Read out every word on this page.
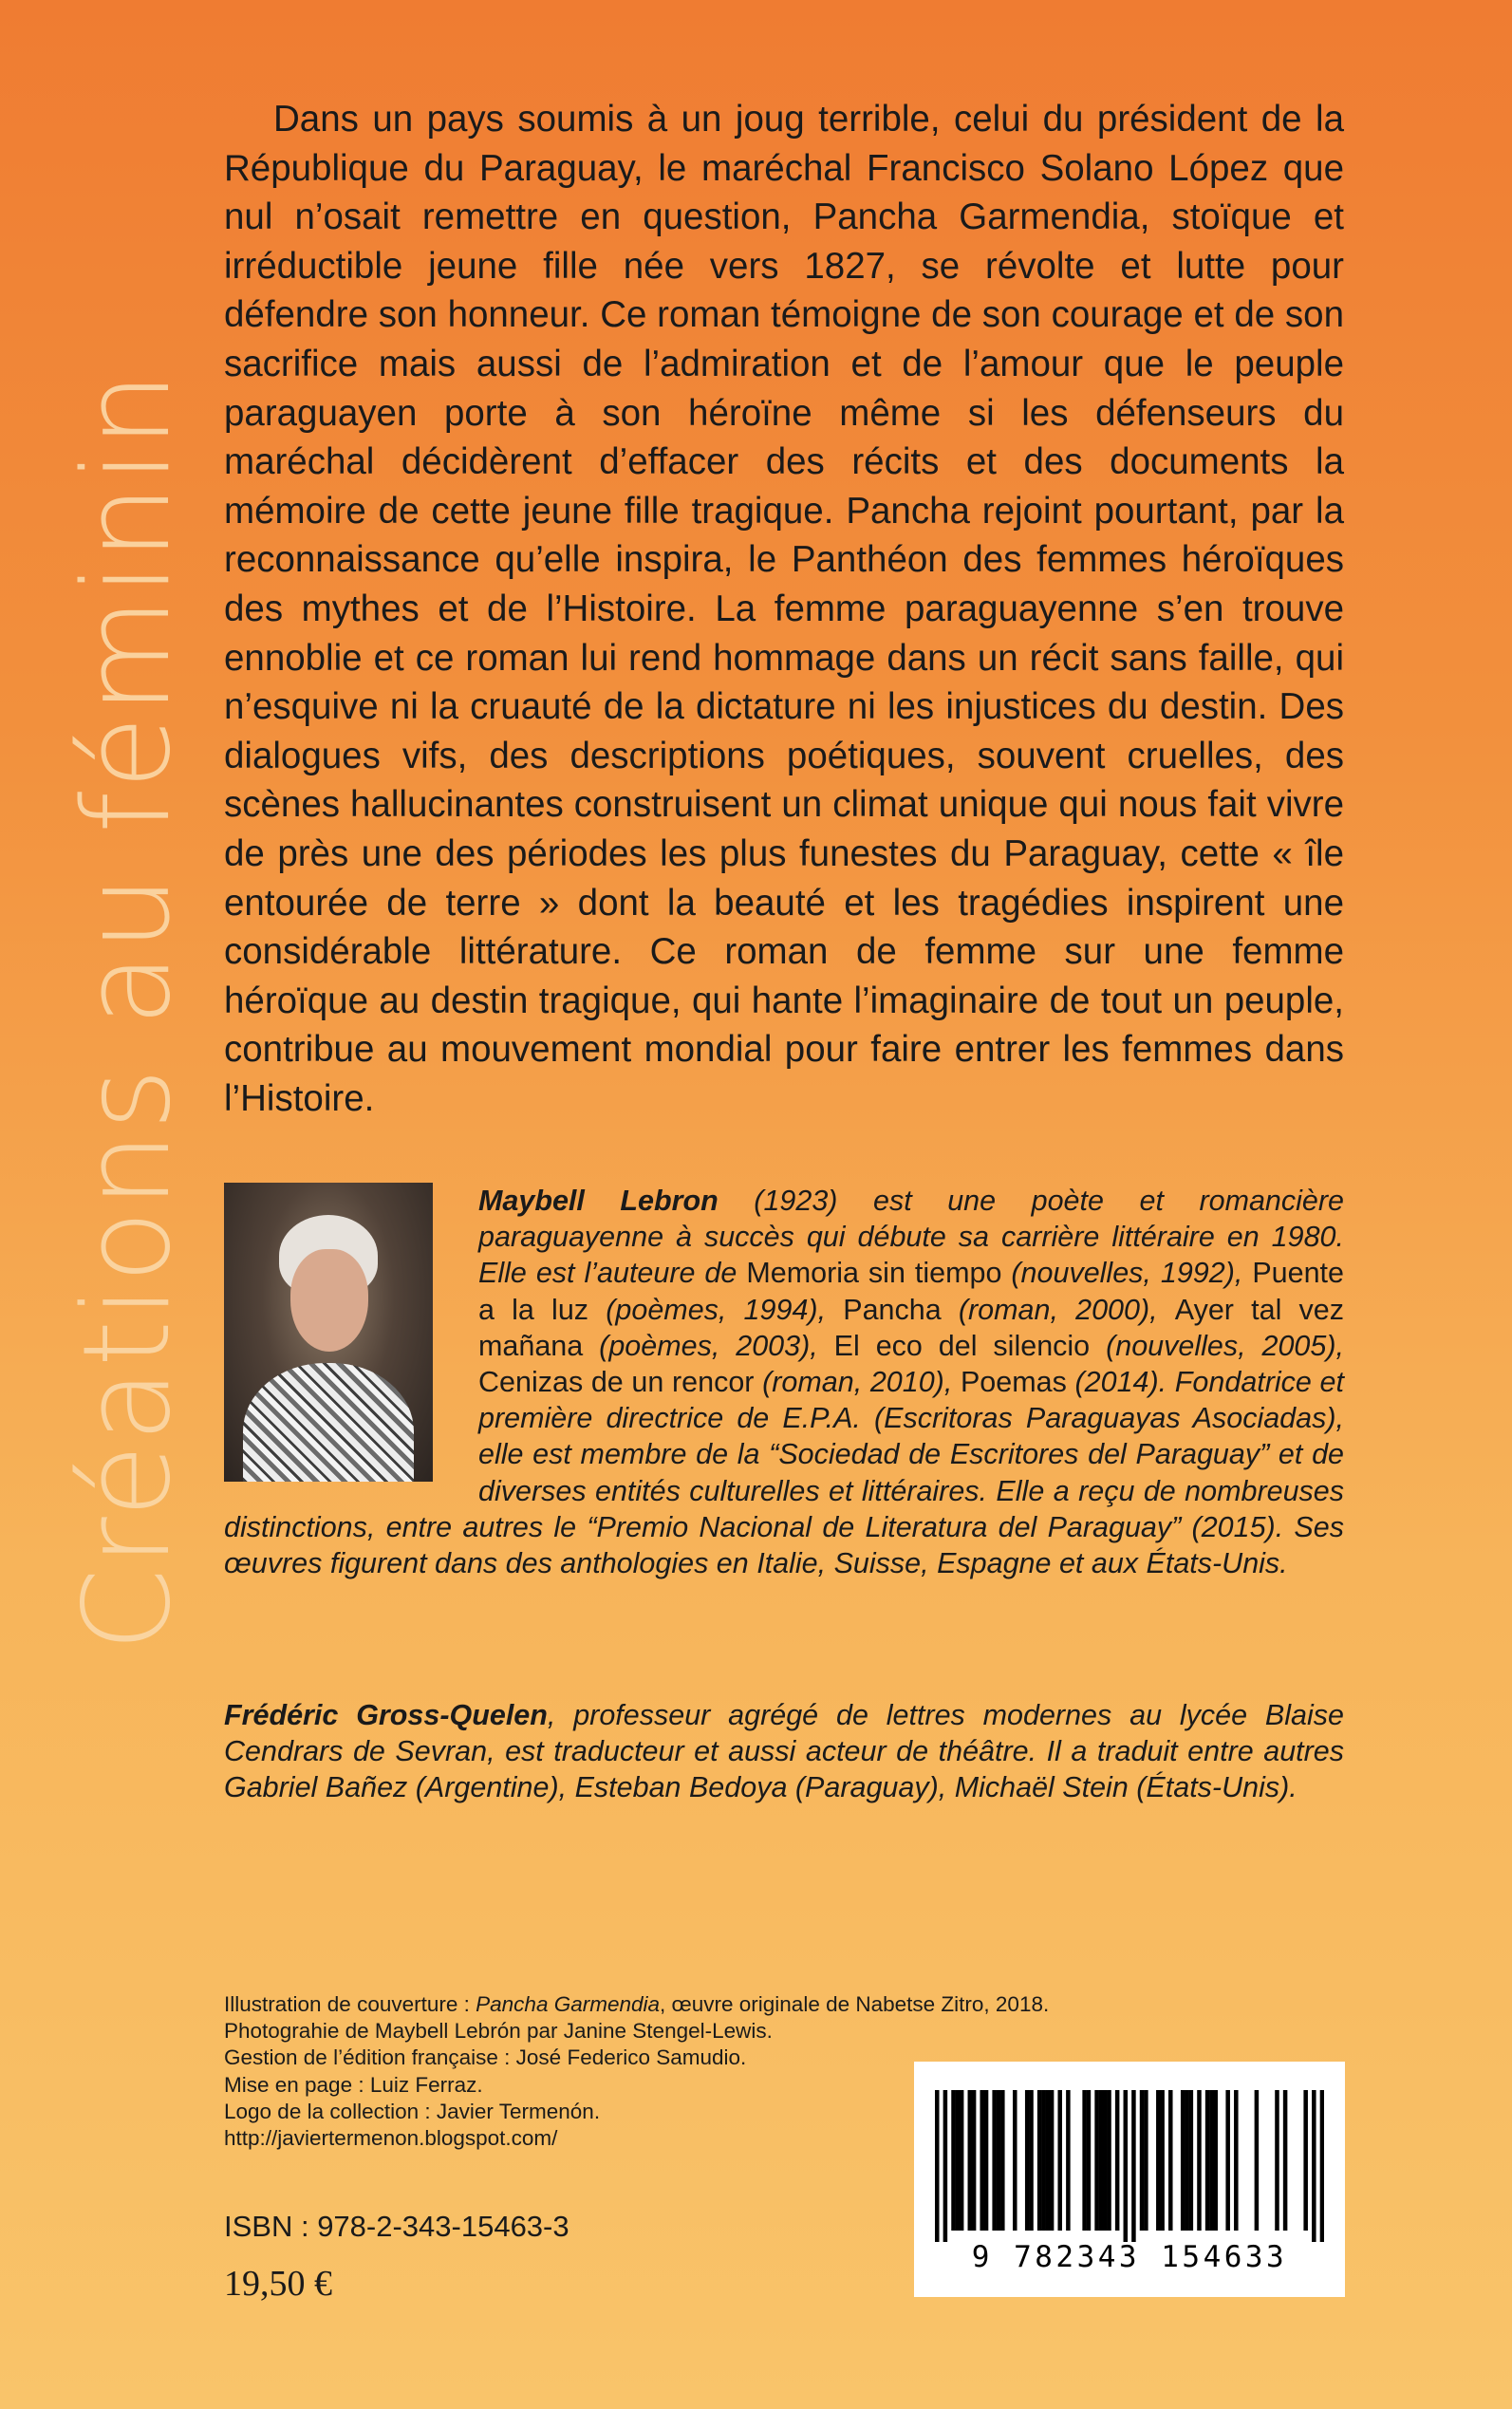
Créations au féminin

Dans un pays soumis à un joug terrible, celui du président de la République du Paraguay, le maréchal Francisco Solano López que nul n’osait remettre en question, Pancha Garmendia, stoïque et irréductible jeune fille née vers 1827, se révolte et lutte pour défendre son honneur. Ce roman témoigne de son courage et de son sacrifice mais aussi de l’admiration et de l’amour que le peuple paraguayen porte à son héroïne même si les défenseurs du maréchal décidèrent d’effacer des récits et des documents la mémoire de cette jeune fille tragique. Pancha rejoint pourtant, par la reconnaissance qu’elle inspira, le Panthéon des femmes héroïques des mythes et de l’Histoire. La femme paraguayenne s’en trouve ennoblie et ce roman lui rend hommage dans un récit sans faille, qui n’esquive ni la cruauté de la dictature ni les injustices du destin. Des dialogues vifs, des descriptions poétiques, souvent cruelles, des scènes hallucinantes construisent un climat unique qui nous fait vivre de près une des périodes les plus funestes du Paraguay, cette « île entourée de terre » dont la beauté et les tragédies inspirent une considérable littérature. Ce roman de femme sur une femme héroïque au destin tragique, qui hante l’imaginaire de tout un peuple, contribue au mouvement mondial pour faire entrer les femmes dans l’Histoire.

Maybell Lebron (1923) est une poète et romancière paraguayenne à succès qui débute sa carrière littéraire en 1980. Elle est l’auteure de Memoria sin tiempo (nouvelles, 1992), Puente a la luz (poèmes, 1994), Pancha (roman, 2000), Ayer tal vez mañana (poèmes, 2003), El eco del silencio (nouvelles, 2005), Cenizas de un rencor (roman, 2010), Poemas (2014). Fondatrice et première directrice de E.P.A. (Escritoras Paraguayas Asociadas), elle est membre de la “Sociedad de Escritores del Paraguay” et de diverses entités culturelles et littéraires. Elle a reçu de nombreuses distinctions, entre autres le “Premio Nacional de Literatura del Paraguay” (2015). Ses œuvres figurent dans des anthologies en Italie, Suisse, Espagne et aux États-Unis.

Frédéric Gross-Quelen, professeur agrégé de lettres modernes au lycée Blaise Cendrars de Sevran, est traducteur et aussi acteur de théâtre. Il a traduit entre autres Gabriel Bañez (Argentine), Esteban Bedoya (Paraguay), Michaël Stein (États-Unis).

Illustration de couverture : Pancha Garmendia, œuvre originale de Nabetse Zitro, 2018.
Photograhie de Maybell Lebrón par Janine Stengel-Lewis.
Gestion de l’édition française : José Federico Samudio.
Mise en page : Luiz Ferraz.
Logo de la collection : Javier Termenón.
http://javiertermenon.blogspot.com/
ISBN : 978-2-343-15463-3
19,50 €
9 782343 154633
